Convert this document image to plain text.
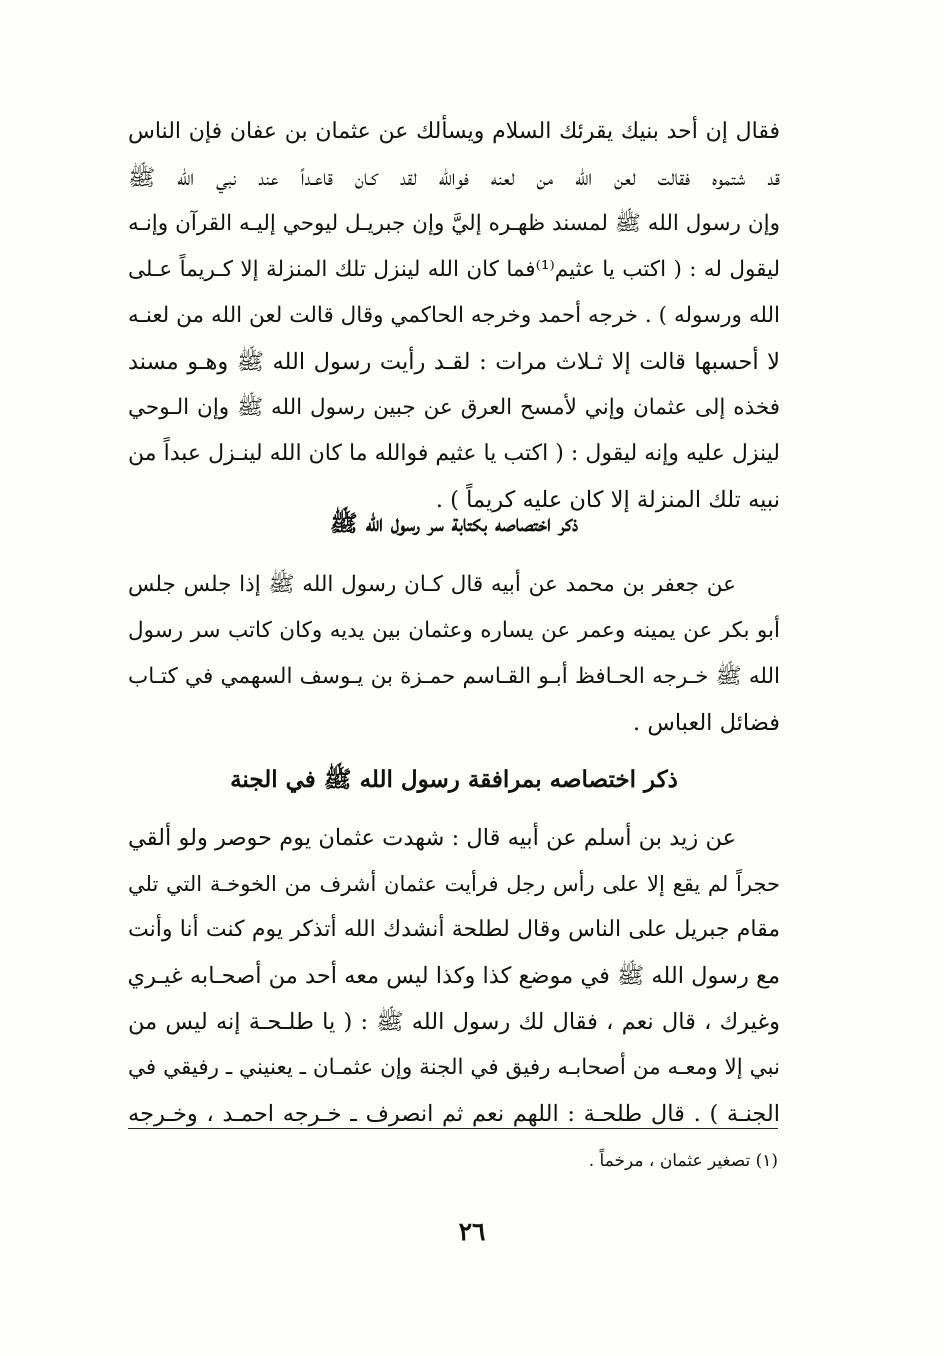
فقال إن أحد بنيك يقرئك السلام ويسألك عن عثمان بن عفان فإن الناس
قد شتموه فقالت لعن الله من لعنه فوالله لقد كـان قاعـداً عند نبي الله ﷺ
وإن رسول الله ﷺ لمسند ظهـره إليَّ وإن جبريـل ليوحي إليـه القرآن وإنـه
ليقول له : ( اكتب يا عثيم⁽¹⁾فما كان الله لينزل تلك المنزلة إلا كـريماً عـلى
الله ورسوله ) . خرجه أحمد وخرجه الحاكمي وقال قالت لعن الله من لعنـه
لا أحسبها قالت إلا ثـلاث مرات : لقـد رأيت رسول الله ﷺ وهـو مسند
فخذه إلى عثمان وإني لأمسح العرق عن جبين رسول الله ﷺ وإن الـوحي
لينزل عليه وإنه ليقول : ( اكتب يا عثيم فوالله ما كان الله لينـزل عبداً من
نبيه تلك المنزلة إلا كان عليه كريماً ) .
ذكر اختصاصه بكتابة سر رسول الله ﷺ
عن جعفر بن محمد عن أبيه قال كـان رسول الله ﷺ إذا جلس جلس
أبو بكر عن يمينه وعمر عن يساره وعثمان بين يديه وكان كاتب سر رسول
الله ﷺ خـرجه الحـافظ أبـو القـاسم حمـزة بن يـوسف السهمي في كتـاب
فضائل العباس .
ذكر اختصاصه بمرافقة رسول الله ﷺ في الجنة
عن زيد بن أسلم عن أبيه قال : شهدت عثمان يوم حوصر ولو ألقي
حجراً لم يقع إلا على رأس رجل فرأيت عثمان أشرف من الخوخـة التي تلي
مقام جبريل على الناس وقال لطلحة أنشدك الله أتذكر يوم كنت أنا وأنت
مع رسول الله ﷺ في موضع كذا وكذا ليس معه أحد من أصحـابه غيـري
وغيرك ، قال نعم ، فقال لك رسول الله ﷺ : ( يا طلـحـة إنه ليس من
نبي إلا ومعـه من أصحابـه رفيق في الجنة وإن عثمـان ـ يعنيني ـ رفيقي في
الجنـة ) . قال طلحـة : اللهم نعم ثم انصرف ـ خـرجه احمـد ، وخـرجه
(١) تصغير عثمان ، مرخماً .
٢٦
